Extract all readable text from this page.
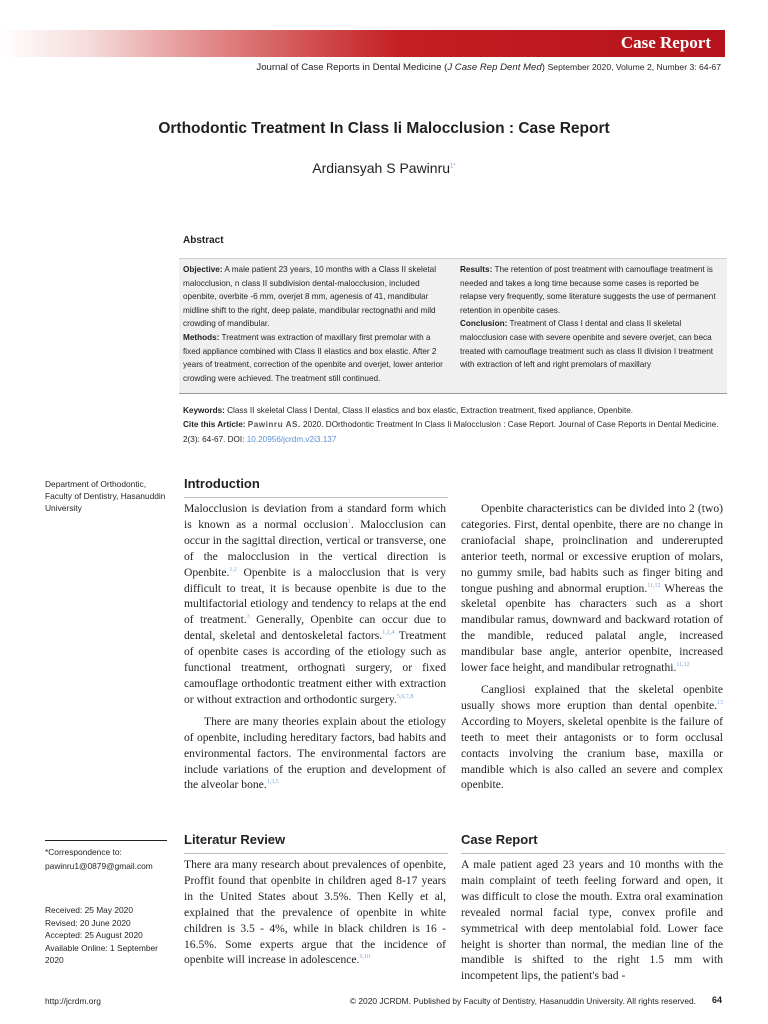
Case Report
Journal of Case Reports in Dental Medicine (J Case Rep Dent Med) September 2020, Volume 2, Number 3: 64-67
Orthodontic Treatment In Class Ii Malocclusion : Case Report
Ardiansyah S Pawinru$^{1*}$
Abstract
Objective: A male patient 23 years, 10 months with a Class II skeletal malocclusion, n class II subdivision dental-malocclusion, included openbite, overbite -6 mm, overjet 8 mm, agenesis of 41, mandibular midline shift to the right, deep palate, mandibular rectognathi and mild crowding of mandibular.
Methods: Treatment was extraction of maxillary first premolar with a fixed appliance combined with Class II elastics and box elastic. After 2 years of treatment, correction of the openbite and overjet, lower anterior crowding were achieved. The treatment still continued.
Results: The retention of post treatment with camouflage treatment is needed and takes a long time because some cases is reported be relapse very frequently, some literature suggests the use of permanent retention in openbite cases.
Conclusion: Treatment of Class I dental and class II skeletal malocclusion case with severe openbite and severe overjet, can beca treated with camouflage treatment such as class II division I treatment with extraction of left and right premolars of maxillary
Keywords: Class II skeletal Class I Dental, Class II elastics and box elastic, Extraction treatment, fixed appliance, Openbite.
Cite this Article: Pawinru AS. 2020. DOrthodontic Treatment In Class Ii Malocclusion : Case Report. Journal of Case Reports in Dental Medicine. 2(3): 64-67. DOI: 10.20956/jcrdm.v2i3.137
Department of Orthodontic, Faculty of Dentistry, Hasanuddin University
*Correspondence to:
pawinru1@0879@gmail.com
Received: 25 May 2020
Revised: 20 June 2020
Accepted: 25 August 2020
Available Online: 1 September 2020
Introduction

Malocclusion is deviation from a standard form which is known as a normal occlusion$^1$. Malocclusion can occur in the sagittal direction, vertical or transverse, one of the malocclusion in the vertical direction is Openbite.$^{1,2}$ Openbite is a malocclusion that is very difficult to treat, it is because openbite is due to the multifactorial etiology and tendency to relaps at the end of treatment.$^3$ Generally, Openbite can occur due to dental, skeletal and dentoskeletal factors.$^{1,2,4}$ Treatment of openbite cases is according of the etiology such as functional treatment, orthognati surgery, or fixed camouflage orthodontic treatment either with extraction or without extraction and orthodontic surgery.$^{5,6,7,8}$

There are many theories explain about the etiology of openbite, including hereditary factors, bad habits and environmental factors. The environmental factors are include variations of the eruption and development of the alveolar bone.$^{1,3,5}$

Openbite characteristics can be divided into 2 (two) categories. First, dental openbite, there are no change in craniofacial shape, proinclination and undererupted anterior teeth, normal or excessive eruption of molars, no gummy smile, bad habits such as finger biting and tongue pushing and abnormal eruption.$^{11,12}$ Whereas the skeletal openbite has characters such as a short mandibular ramus, downward and backward rotation of the mandible, reduced palatal angle, increased mandibular base angle, anterior openbite, increased lower face height, and mandibular retrognathi.$^{11,12}$

Cangliosi explained that the skeletal openbite usually shows more eruption than dental openbite.$^{13}$ According to Moyers, skeletal openbite is the failure of teeth to meet their antagonists or to form occlusal contacts involving the cranium base, maxilla or mandible which is also called an severe and complex openbite.

Literatur Review

There ara many research about prevalences of openbite, Proffit found that openbite in children aged 8-17 years in the United States about 3.5%. Then Kelly et al, explained that the prevalence of openbite in white children is 3.5 - 4%, while in black children is 16 - 16.5%. Some experts argue that the incidence of openbite will increase in adolescence.$^{9,10}$

Case Report

A male patient aged 23 years and 10 months with the main complaint of teeth feeling forward and open, it was difficult to close the mouth. Extra oral examination revealed normal facial type, convex profile and symmetrical with deep mentolabial fold. Lower face height is shorter than normal, the median line of the mandible is shifted to the right 1.5 mm with incompetent lips, the patient's bad -

http://jcrdm.org	© 2020 JCRDM. Published by Faculty of Dentistry, Hasanuddin University. All rights reserved. 64
